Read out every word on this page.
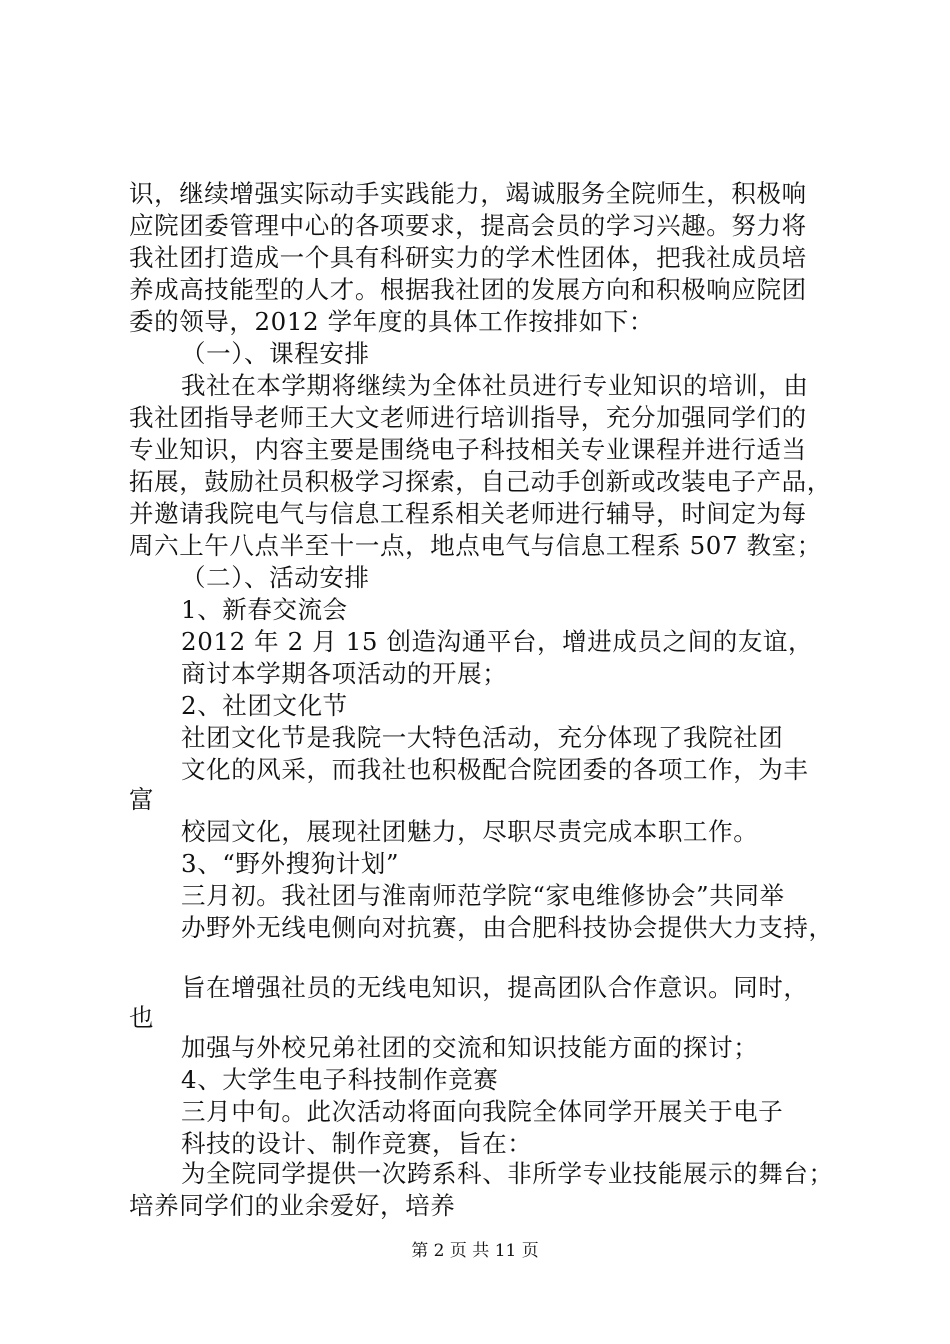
识，继续增强实际动手实践能力，竭诚服务全院师生，积极响
应院团委管理中心的各项要求，提高会员的学习兴趣。努力将
我社团打造成一个具有科研实力的学术性团体，把我社成员培
养成高技能型的人才。根据我社团的发展方向和积极响应院团
委的领导，2012 学年度的具体工作按排如下：
（一）、课程安排
我社在本学期将继续为全体社员进行专业知识的培训，由
我社团指导老师王大文老师进行培训指导，充分加强同学们的
专业知识，内容主要是围绕电子科技相关专业课程并进行适当
拓展，鼓励社员积极学习探索，自己动手创新或改装电子产品，
并邀请我院电气与信息工程系相关老师进行辅导，时间定为每
周六上午八点半至十一点，地点电气与信息工程系 507 教室；
（二）、活动安排
1、新春交流会
2012 年 2 月 15 创造沟通平台，增进成员之间的友谊，
商讨本学期各项活动的开展；
2、社团文化节
社团文化节是我院一大特色活动，充分体现了我院社团
文化的风采，而我社也积极配合院团委的各项工作，为丰
富
校园文化，展现社团魅力，尽职尽责完成本职工作。
3、“野外搜狗计划”
三月初。我社团与淮南师范学院“家电维修协会”共同举
办野外无线电侧向对抗赛，由合肥科技协会提供大力支持，
旨在增强社员的无线电知识，提高团队合作意识。同时，
也
加强与外校兄弟社团的交流和知识技能方面的探讨；
4、大学生电子科技制作竞赛
三月中旬。此次活动将面向我院全体同学开展关于电子
科技的设计、制作竞赛，旨在：
为全院同学提供一次跨系科、非所学专业技能展示的舞台；
培养同学们的业余爱好，培养
第 2 页 共 11 页
